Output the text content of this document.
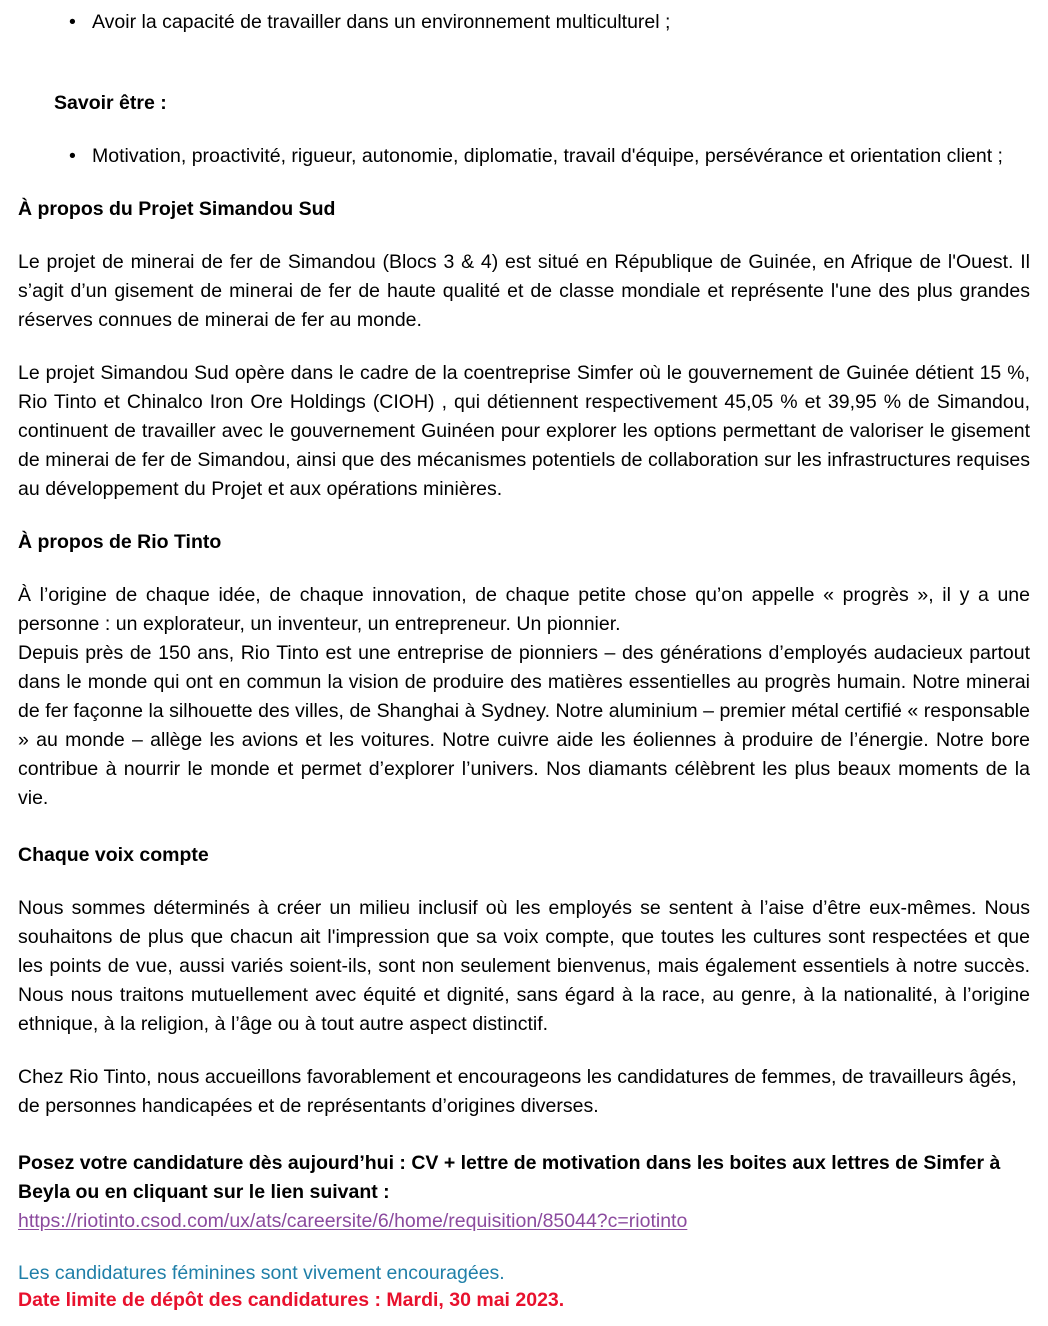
• Avoir la capacité de travailler dans un environnement multiculturel ;
Savoir être :
• Motivation, proactivité, rigueur, autonomie, diplomatie, travail d'équipe, persévérance et orientation client ;
À propos du Projet Simandou Sud

Le projet de minerai de fer de Simandou (Blocs 3 & 4) est situé en République de Guinée, en Afrique de l'Ouest. Il s’agit d’un gisement de minerai de fer de haute qualité et de classe mondiale et représente l'une des plus grandes réserves connues de minerai de fer au monde.

Le projet Simandou Sud opère dans le cadre de la coentreprise Simfer où le gouvernement de Guinée détient 15 %, Rio Tinto et Chinalco Iron Ore Holdings (CIOH) , qui détiennent respectivement 45,05 % et 39,95 % de Simandou, continuent de travailler avec le gouvernement Guinéen pour explorer les options permettant de valoriser le gisement de minerai de fer de Simandou, ainsi que des mécanismes potentiels de collaboration sur les infrastructures requises au développement du Projet et aux opérations minières.

À propos de Rio Tinto

À l’origine de chaque idée, de chaque innovation, de chaque petite chose qu’on appelle « progrès », il y a une personne : un explorateur, un inventeur, un entrepreneur. Un pionnier.

Depuis près de 150 ans, Rio Tinto est une entreprise de pionniers – des générations d’employés audacieux partout dans le monde qui ont en commun la vision de produire des matières essentielles au progrès humain. Notre minerai de fer façonne la silhouette des villes, de Shanghai à Sydney. Notre aluminium – premier métal certifié « responsable » au monde – allège les avions et les voitures. Notre cuivre aide les éoliennes à produire de l’énergie. Notre bore contribue à nourrir le monde et permet d’explorer l’univers. Nos diamants célèbrent les plus beaux moments de la vie.

Chaque voix compte

Nous sommes déterminés à créer un milieu inclusif où les employés se sentent à l’aise d’être eux-mêmes. Nous souhaitons de plus que chacun ait l'impression que sa voix compte, que toutes les cultures sont respectées et que les points de vue, aussi variés soient-ils, sont non seulement bienvenus, mais également essentiels à notre succès. Nous nous traitons mutuellement avec équité et dignité, sans égard à la race, au genre, à la nationalité, à l’origine ethnique, à la religion, à l’âge ou à tout autre aspect distinctif.

Chez Rio Tinto, nous accueillons favorablement et encourageons les candidatures de femmes, de travailleurs âgés, de personnes handicapées et de représentants d’origines diverses.

Posez votre candidature dès aujourd’hui : CV + lettre de motivation dans les boites aux lettres de Simfer à Beyla ou en cliquant sur le lien suivant :
https://riotinto.csod.com/ux/ats/careersite/6/home/requisition/85044?c=riotinto
Les candidatures féminines sont vivement encouragées.
Date limite de dépôt des candidatures : Mardi, 30 mai 2023.
